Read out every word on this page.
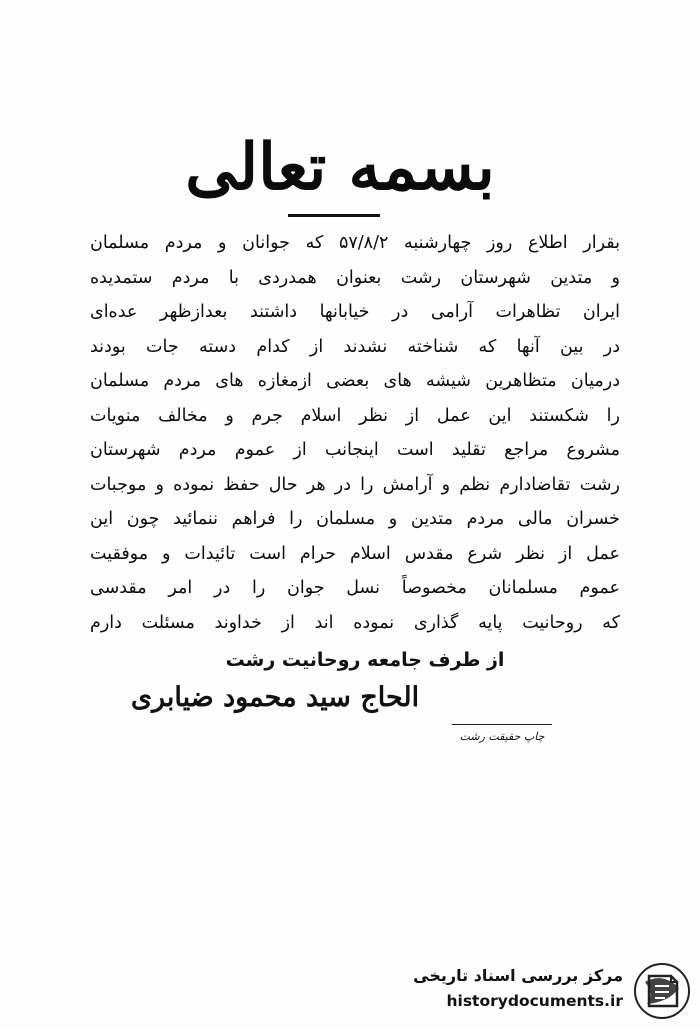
بسمه تعالی
بقرار اطلاع روز چهارشنبه ۵۷/۸/۲ که جوانان و مردم مسلمان
و متدین شهرستان رشت بعنوان همدردی با مردم ستمدیده
ایران تظاهرات آرامی در خیابانها داشتند بعدازظهر عده‌ای
در بین آنها که شناخته نشدند از کدام دسته جات بودند
درمیان متظاهرین شیشه های بعضی ازمغازه های مردم مسلمان
را شکستند این عمل از نظر اسلام جرم و مخالف منویات
مشروع مراجع تقلید است اینجانب از عموم مردم شهرستان
رشت تقاضادارم نظم و آرامش را در هر حال حفظ نموده و موجبات
خسران مالی مردم متدین و مسلمان را فراهم ننمائید چون این
عمل از نظر شرع مقدس اسلام حرام است تائیدات و موفقیت
عموم مسلمانان مخصوصاً نسل جوان را در امر مقدسی
که روحانیت پایه گذاری نموده اند از خداوند مسئلت دارم
از طرف جامعه روحانیت رشت
الحاج سید محمود ضیابری
چاپ حقیقت رشت
مرکز بررسی اسناد تاریخی
historydocuments.ir
